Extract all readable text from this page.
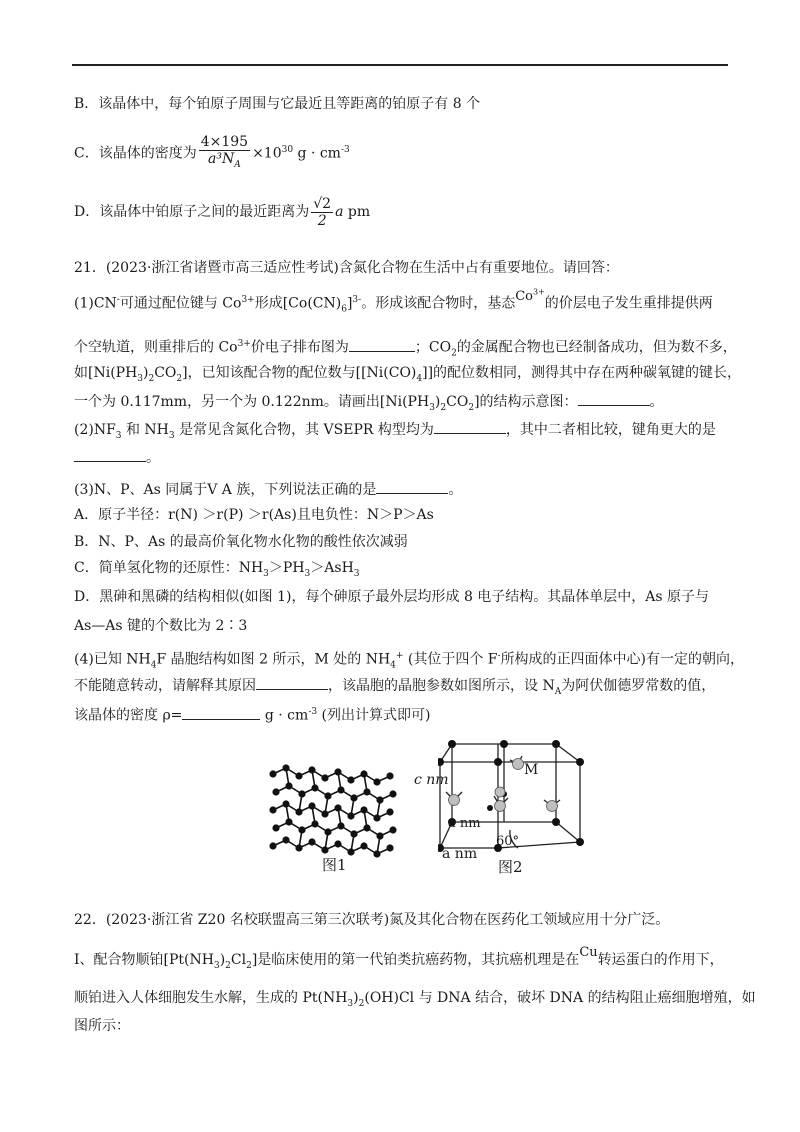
B．该晶体中，每个铂原子周围与它最近且等距离的铂原子有 8 个
C．该晶体的密度为 $\frac{4\times 195}{a^3N_A} \times 10^{30}$ $g \cdot cm^{-3}$
D．该晶体中铂原子之间的最近距离为 $\frac{√2}{2}$ a pm
21．(2023·浙江省诸暨市高三适应性考试)含氮化合物在生活中占有重要地位。请回答：
(1)CN-可通过配位键与 $Co^{3+}$形成$[Co(CN)_6]^{3-}$。形成该配合物时，基态$Co^{3+}$的价层电子发生重排提供两
个空轨道，则重排后的 $Co^{3+}$价电子排布图为	；$CO_2$的金属配合物也已经制备成功，但为数不多，
如$[Ni(PH_3)_2CO_2]$，已知该配合物的配位数与$[[Ni(CO)_4]]$的配位数相同，测得其中存在两种碳氧键的键长，
一个为 0.117mm，另一个为 0.122nm。请画出$[Ni(PH_3)_2CO_2]$的结构示意图：	。
$(2)NF_3$ 和 $NH_3$ 是常见含氮化合物，其 VSEPR 构型均为	，其中二者相比较，键角更大的是
。
(3)N、P、As 同属于Ⅴ A 族，下列说法正确的是	。
A．原子半径：r(N) ＞r(P) ＞r(As)且电负性：N＞P＞As
B．N、P、As 的最高价氧化物水化物的酸性依次减弱
C．简单氢化物的还原性：$NH_3>PH_3>AsH_3$
D．黑砷和黑磷的结构相似(如图 1)，每个砷原子最外层均形成 8 电子结构。其晶体单层中，As 原子与
As—As 键的个数比为 2∶3
(4)已知 $NH_4F$ 晶胞结构如图 2 所示，M 处的 $NH_4^+$ (其位于四个 F-所构成的正四面体中心)有一定的朝向，
不能随意转动，请解释其原因	，该晶胞的晶胞参数如图所示，设 $N_A$为阿伏伽德罗常数的值，
该晶体的密度 ρ=	$g \cdot cm^{-3}$ (列出计算式即可)
图1
c nm
M
a nm
60°
a nm
图2
22．(2023·浙江省 Z20 名校联盟高三第三次联考)氮及其化合物在医药化工领域应用十分广泛。
I、配合物顺铂$[Pt(NH_3)_2Cl_2]$是临床使用的第一代铂类抗癌药物，其抗癌机理是在Cu转运蛋白的作用下，
顺铂进入人体细胞发生水解，生成的 $Pt(NH_3)_2(OH)Cl$ 与 DNA 结合，破坏 DNA 的结构阻止癌细胞增殖，如
图所示：
